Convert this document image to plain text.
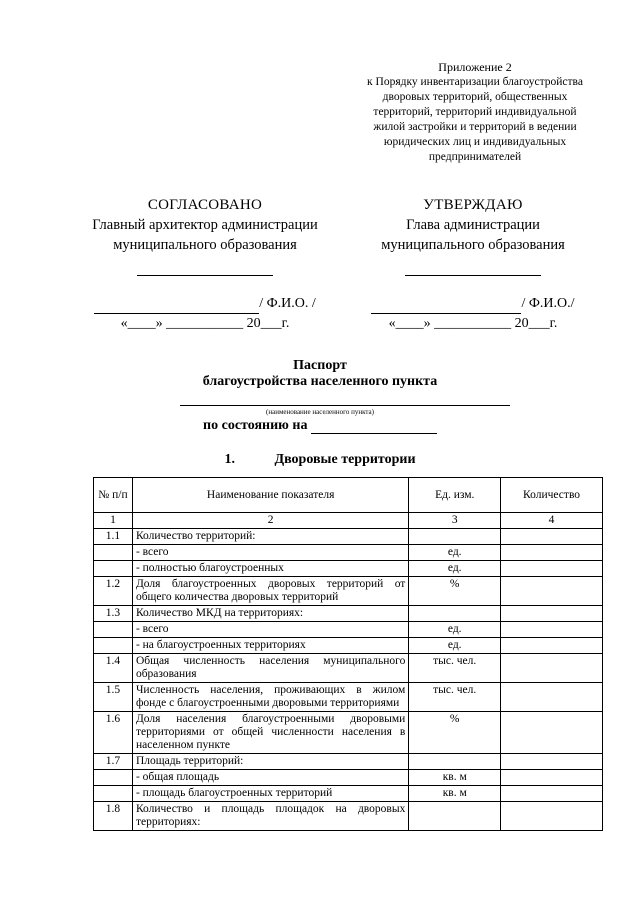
Приложение 2
к Порядку инвентаризации благоустройства
дворовых территорий, общественных
территорий, территорий индивидуальной
жилой застройки и территорий в ведении
юридических лиц и индивидуальных
предпринимателей
СОГЛАСОВАНО
Главный архитектор администрации
муниципального образования
/ Ф.И.О. /
«____» ___________ 20___г.
УТВЕРЖДАЮ
Глава администрации
муниципального образования
/ Ф.И.О./
«____» ___________ 20___г.
Паспорт
благоустройства населенного пункта
(наименование населенного пункта)
по состоянию на
1.	Дворовые территории
№ п/п	Наименование показателя	Ед. изм.	Количество
1	2	3	4
1.1	Количество территорий:		
	- всего	ед.	
	- полностью благоустроенных	ед.	
1.2	Доля благоустроенных дворовых территорий от общего количества дворовых территорий	%	
1.3	Количество МКД на территориях:		
	- всего	ед.	
	- на благоустроенных территориях	ед.	
1.4	Общая численность населения муниципального образования	тыс. чел.	
1.5	Численность населения, проживающих в жилом фонде с благоустроенными дворовыми территориями	тыс. чел.	
1.6	Доля населения благоустроенными дворовыми территориями от общей численности населения в населенном пункте	%	
1.7	Площадь территорий:		
	- общая площадь	кв. м	
	- площадь благоустроенных территорий	кв. м	
1.8	Количество и площадь площадок на дворовых территориях:		
